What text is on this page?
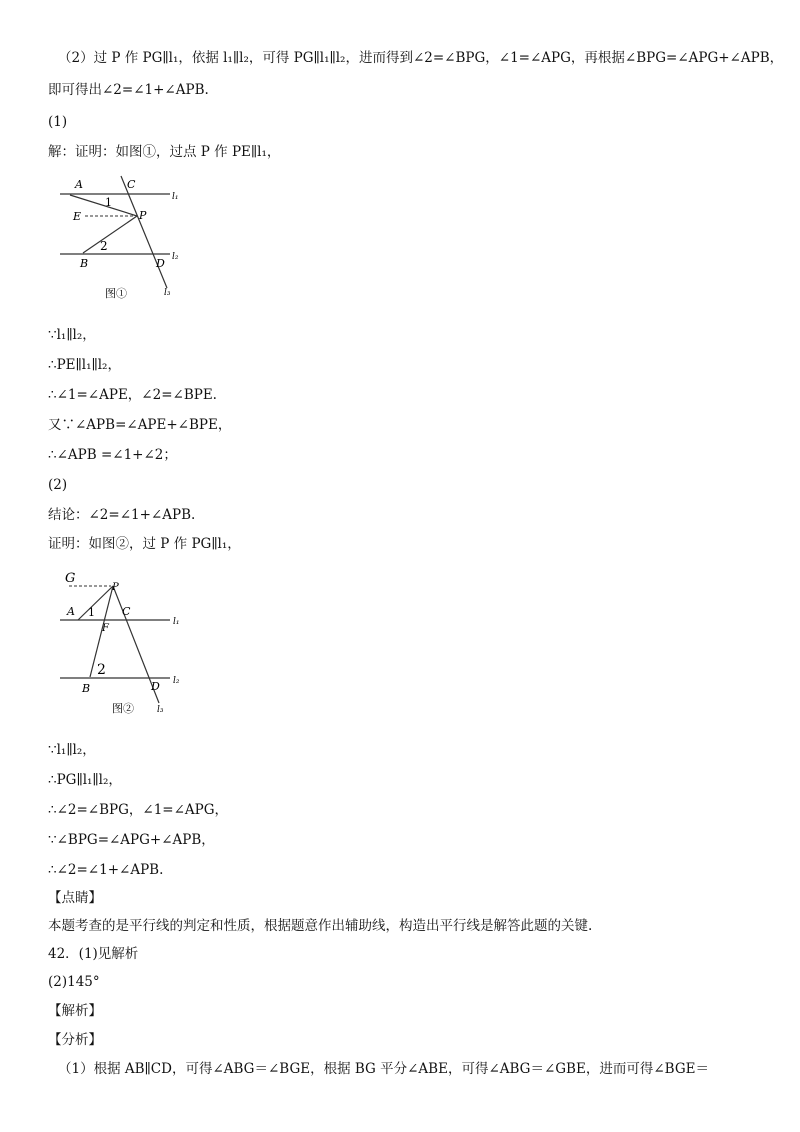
（2）过 P 作 PG∥l₁，依据 l₁∥l₂，可得 PG∥l₁∥l₂，进而得到∠2=∠BPG，∠1=∠APG，再根据∠BPG=∠APG+∠APB，
即可得出∠2=∠1+∠APB.
(1)
解：证明：如图①，过点 P 作 PE∥l₁，
A	C
l₁
1
E	P
2
l₂
B	D
l₃
图①
∵l₁∥l₂，
∴PE∥l₁∥l₂，
∴∠1=∠APE，∠2=∠BPE.
又∵∠APB=∠APE+∠BPE，
∴∠APB =∠1+∠2；
(2)
结论：∠2=∠1+∠APB.
证明：如图②，过 P 作 PG∥l₁，
G
P
A 1 C
l₁
F
2
l₂
B	D
l₃
图②
∵l₁∥l₂，
∴PG∥l₁∥l₂，
∴∠2=∠BPG，∠1=∠APG，
∵∠BPG=∠APG+∠APB，
∴∠2=∠1+∠APB.
【点睛】
本题考查的是平行线的判定和性质，根据题意作出辅助线，构造出平行线是解答此题的关键.
42．(1)见解析
(2)145°
【解析】
【分析】
（1）根据 AB∥CD，可得∠ABG＝∠BGE，根据 BG 平分∠ABE，可得∠ABG＝∠GBE，进而可得∠BGE＝
